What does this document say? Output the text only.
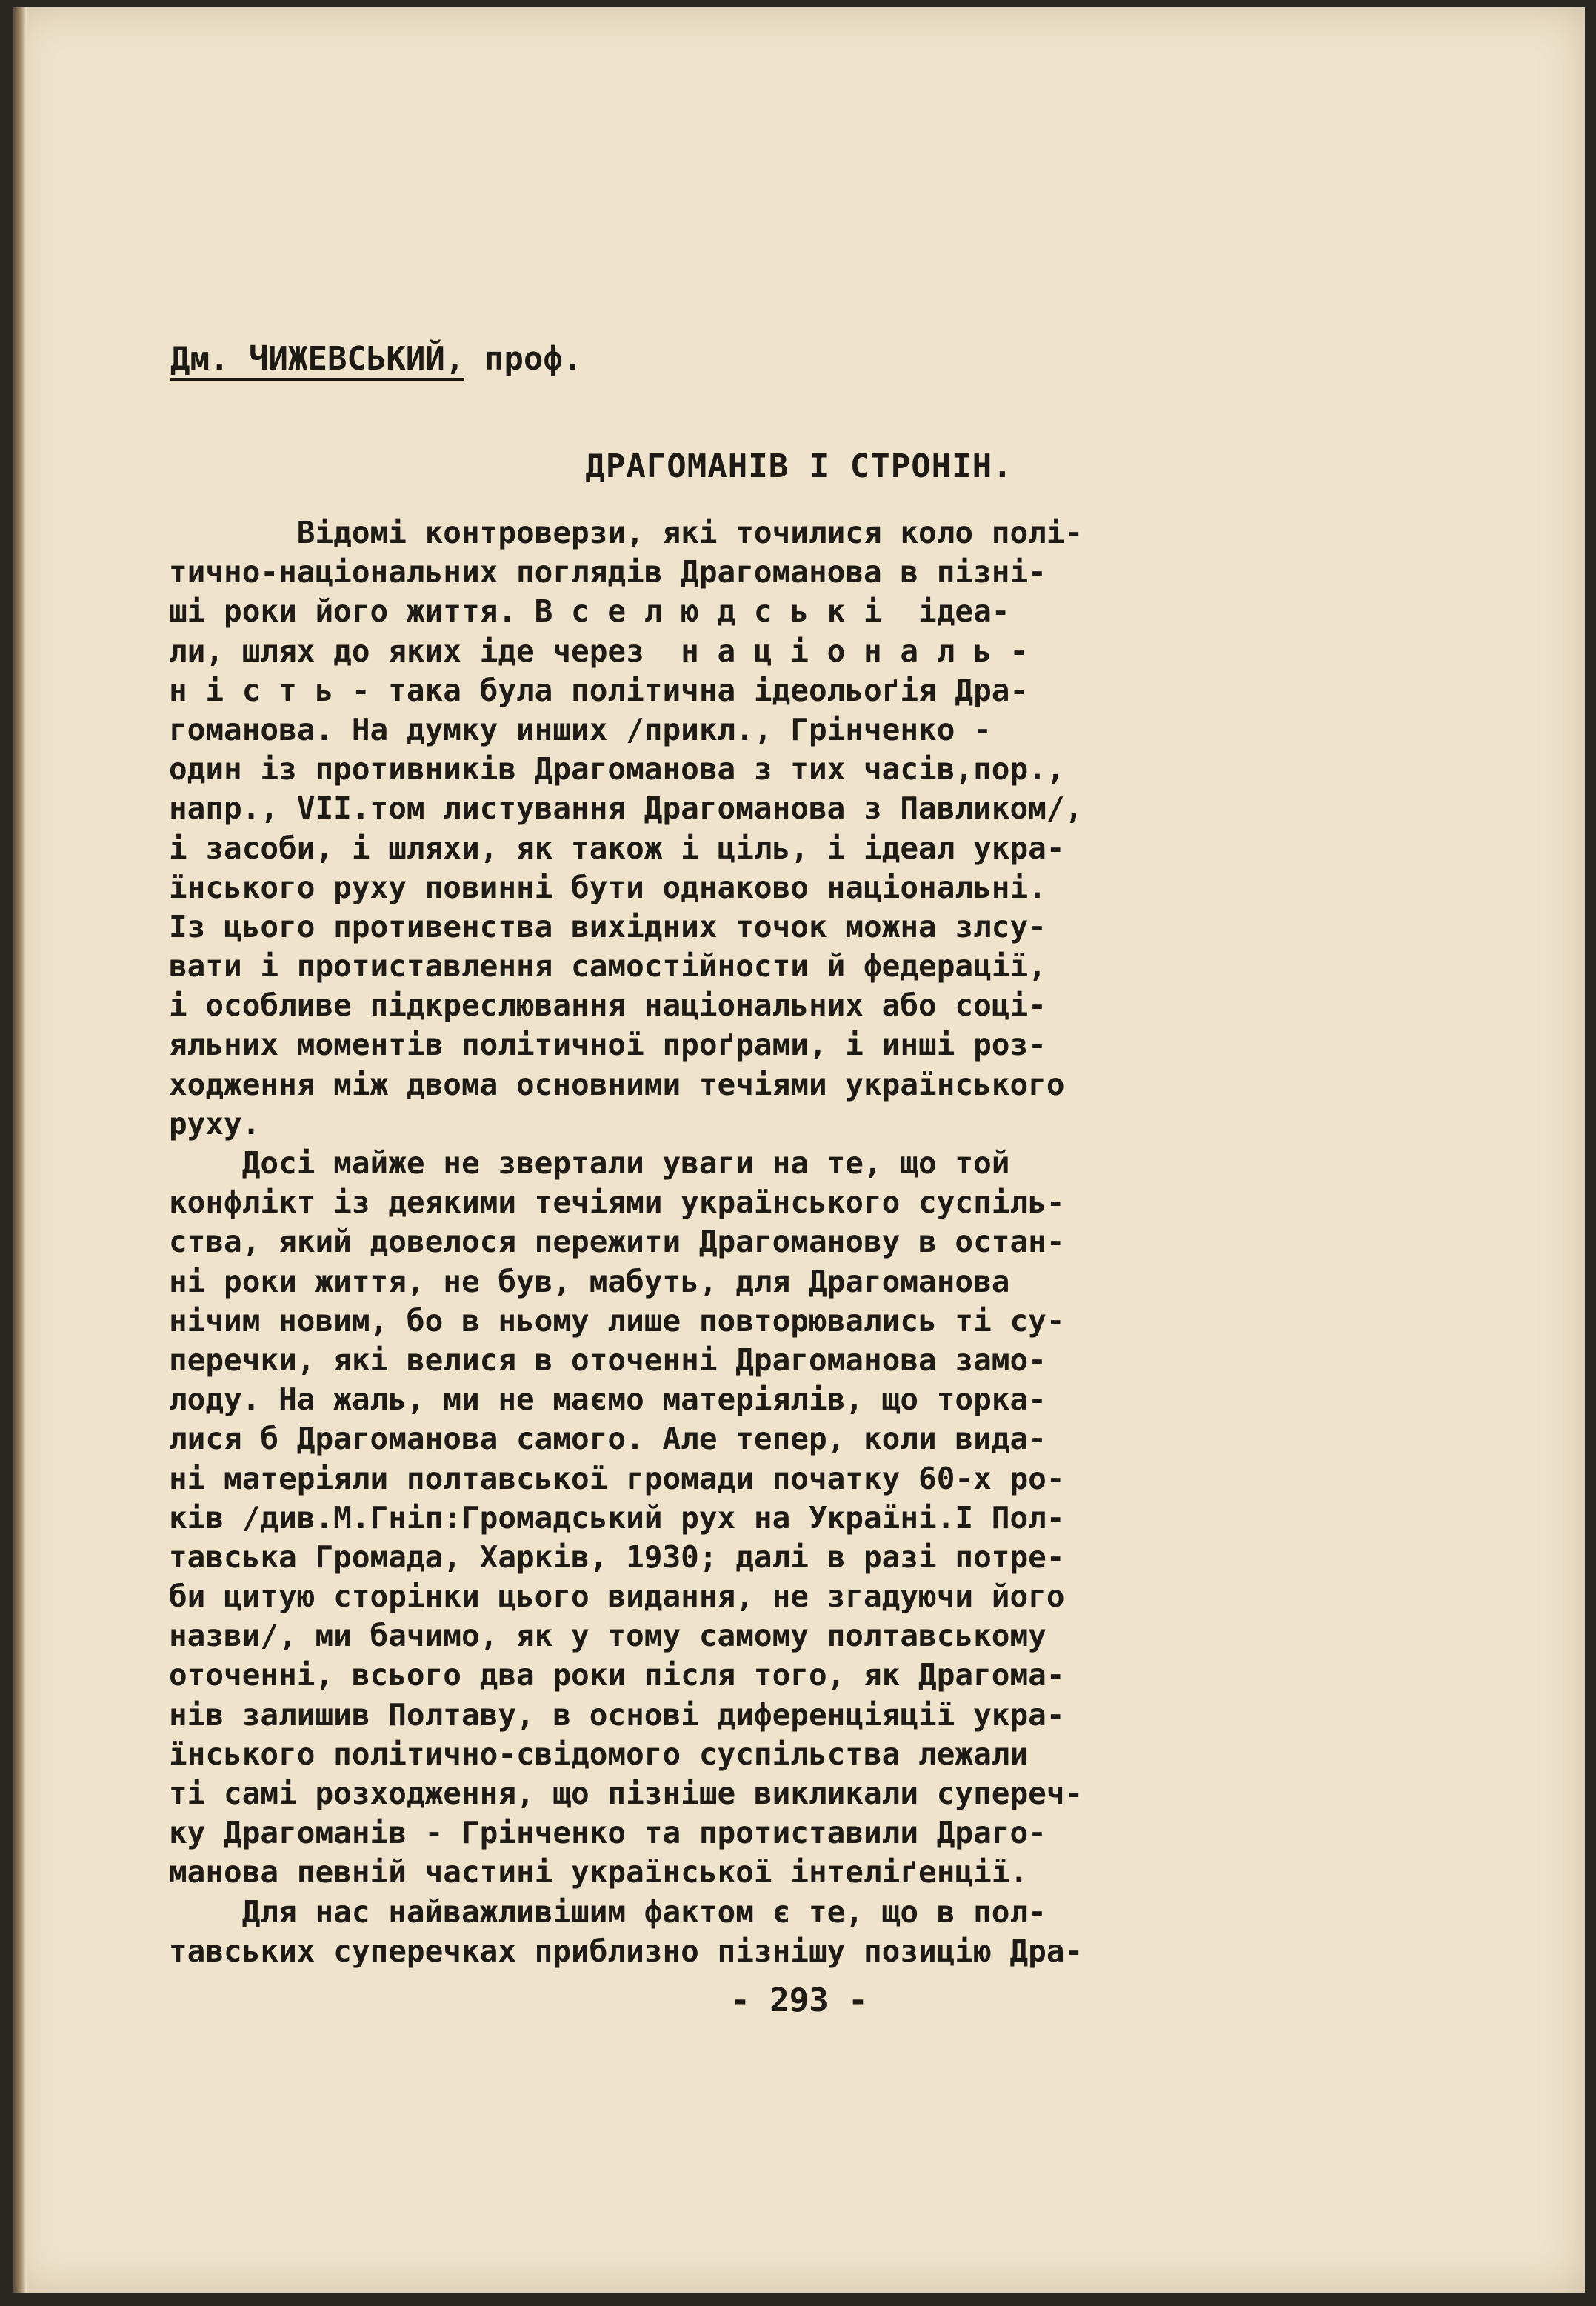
Дм. ЧИЖЕВСЬКИЙ, проф.
ДРАГОМАНІВ І СТРОНІН.
Відомі контроверзи, які точилися коло полі-
тично-національних поглядів Драгоманова в пізні-
ші роки його життя. В с е л ю д с ь к і  ідеа-
ли, шлях до яких іде через  н а ц і о н а л ь -
н і с т ь - така була політична ідеольоґія Дра-
гоманова. На думку инших /прикл., Грінченко -
один із противників Драгоманова з тих часів,пор.,
напр., VII.том листування Драгоманова з Павликом/,
і засоби, і шляхи, як також і ціль, і ідеал укра-
їнського руху повинні бути однаково національні.
Із цього противенства вихідних точок можна злсу-
вати і протиставлення самостійности й федерації,
і особливе підкреслювання національних або соці-
яльних моментів політичної проґрами, і инші роз-
ходження між двома основними течіями українського
руху.
Досі майже не звертали уваги на те, що той
конфлікт із деякими течіями українського суспіль-
ства, який довелося пережити Драгоманову в остан-
ні роки життя, не був, мабуть, для Драгоманова
нічим новим, бо в ньому лише повторювались ті су-
перечки, які велися в оточенні Драгоманова замо-
лоду. На жаль, ми не маємо матеріялів, що торка-
лися б Драгоманова самого. Але тепер, коли вида-
ні матеріяли полтавської громади початку 60-х ро-
ків /див.М.Гніп:Громадський рух на Україні.І Пол-
тавська Громада, Харків, 1930; далі в разі потре-
би цитую сторінки цього видання, не згадуючи його
назви/, ми бачимо, як у тому самому полтавському
оточенні, всього два роки після того, як Драгома-
нів залишив Полтаву, в основі диференціяції укра-
їнського політично-свідомого суспільства лежали
ті самі розходження, що пізніше викликали супереч-
ку Драгоманів - Грінченко та протиставили Драго-
манова певній частині української інтеліґенції.
Для нас найважливішим фактом є те, що в пол-
тавських суперечках приблизно пізнішу позицію Дра-
- 293 -
